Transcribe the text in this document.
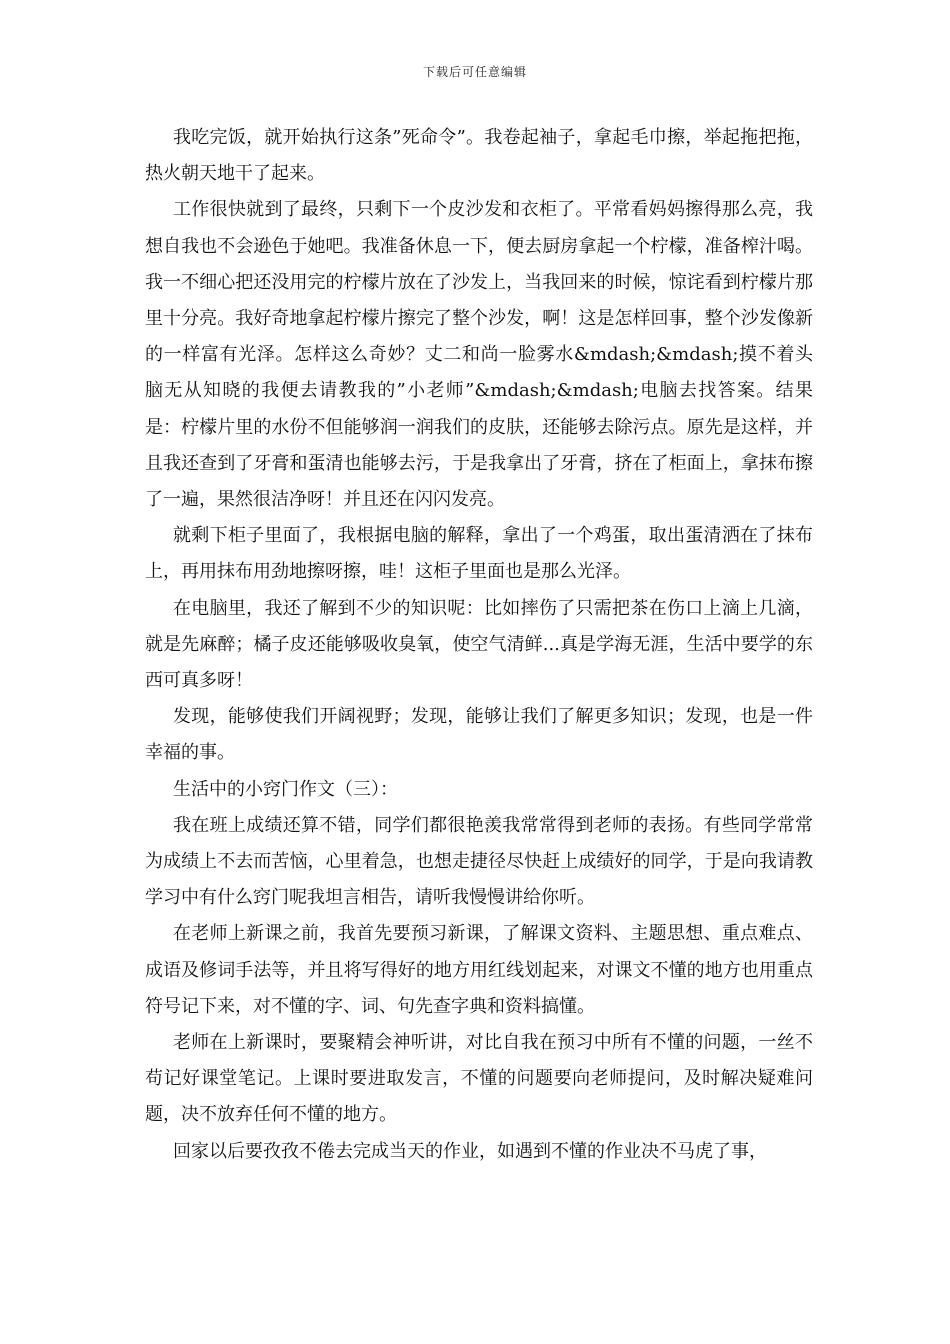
下载后可任意编辑

我吃完饭，就开始执行这条”死命令”。我卷起袖子，拿起毛巾擦，举起拖把拖，热火朝天地干了起来。

工作很快就到了最终，只剩下一个皮沙发和衣柜了。平常看妈妈擦得那么亮，我想自我也不会逊色于她吧。我准备休息一下，便去厨房拿起一个柠檬，准备榨汁喝。我一不细心把还没用完的柠檬片放在了沙发上，当我回来的时候，惊诧看到柠檬片那里十分亮。我好奇地拿起柠檬片擦完了整个沙发，啊！这是怎样回事，整个沙发像新的一样富有光泽。怎样这么奇妙？丈二和尚一脸雾水&mdash;&mdash;摸不着头脑无从知晓的我便去请教我的”小老师”&mdash;&mdash;电脑去找答案。结果是：柠檬片里的水份不但能够润一润我们的皮肤，还能够去除污点。原先是这样，并且我还查到了牙膏和蛋清也能够去污，于是我拿出了牙膏，挤在了柜面上，拿抹布擦了一遍，果然很洁净呀！并且还在闪闪发亮。

就剩下柜子里面了，我根据电脑的解释，拿出了一个鸡蛋，取出蛋清洒在了抹布上，再用抹布用劲地擦呀擦，哇！这柜子里面也是那么光泽。

在电脑里，我还了解到不少的知识呢：比如摔伤了只需把茶在伤口上滴上几滴，就是先麻醉；橘子皮还能够吸收臭氧，使空气清鲜...真是学海无涯，生活中要学的东西可真多呀！

发现，能够使我们开阔视野；发现，能够让我们了解更多知识；发现，也是一件幸福的事。

生活中的小窍门作文（三）：

我在班上成绩还算不错，同学们都很艳羡我常常得到老师的表扬。有些同学常常为成绩上不去而苦恼，心里着急，也想走捷径尽快赶上成绩好的同学，于是向我请教学习中有什么窍门呢我坦言相告，请听我慢慢讲给你听。

在老师上新课之前，我首先要预习新课，了解课文资料、主题思想、重点难点、成语及修词手法等，并且将写得好的地方用红线划起来，对课文不懂的地方也用重点符号记下来，对不懂的字、词、句先查字典和资料搞懂。

老师在上新课时，要聚精会神听讲，对比自我在预习中所有不懂的问题，一丝不苟记好课堂笔记。上课时要进取发言，不懂的问题要向老师提问，及时解决疑难问题，决不放弃任何不懂的地方。

回家以后要孜孜不倦去完成当天的作业，如遇到不懂的作业决不马虎了事，
